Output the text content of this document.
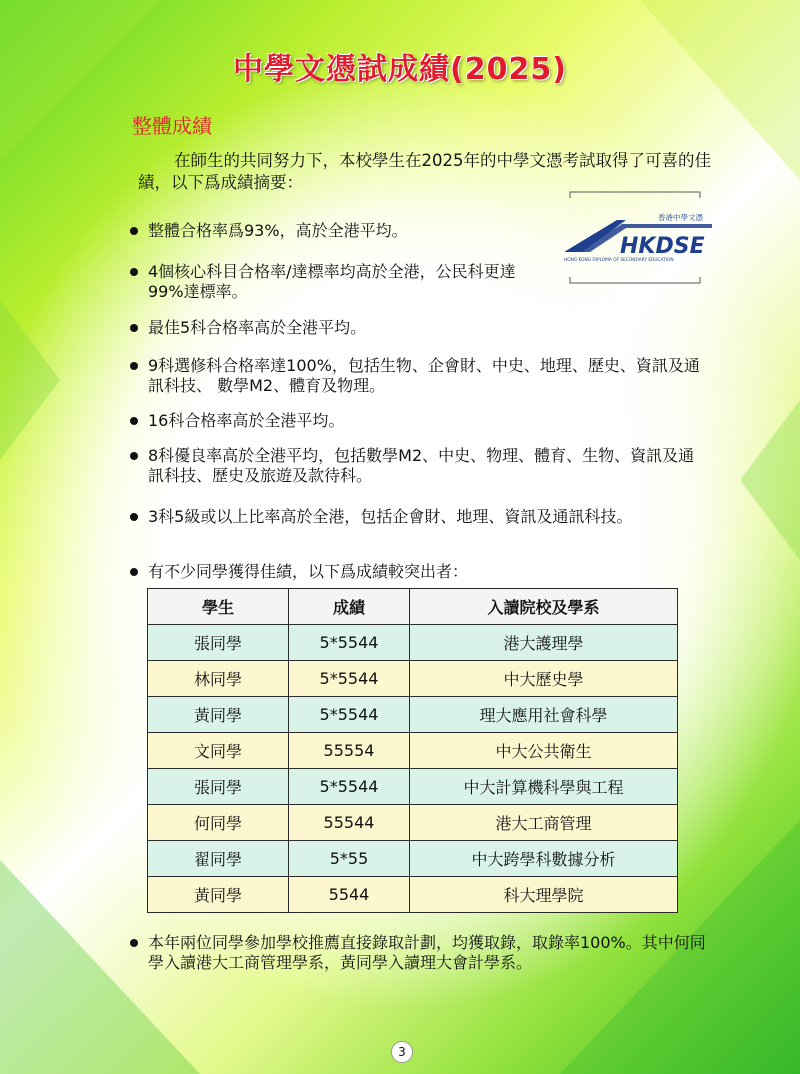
中學文憑試成績(2025)
整體成績
在師生的共同努力下，本校學生在2025年的中學文憑考試取得了可喜的佳績，以下爲成績摘要：
香港中學文憑
HKDSE
HONG KONG DIPLOMA OF SECONDARY EDUCATION
整體合格率爲93%，高於全港平均。
4個核心科目合格率/達標率均高於全港，公民科更達99%達標率。
最佳5科合格率高於全港平均。
9科選修科合格率達100%，包括生物、企會財、中史、地理、歷史、資訊及通訊科技、 數學M2、體育及物理。
16科合格率高於全港平均。
8科優良率高於全港平均，包括數學M2、中史、物理、體育、生物、資訊及通訊科技、歷史及旅遊及款待科。
3科5級或以上比率高於全港，包括企會財、地理、資訊及通訊科技。
有不少同學獲得佳績，以下爲成績較突出者：
學生	成績	入讀院校及學系
張同學	5*5544	港大護理學
林同學	5*5544	中大歷史學
黃同學	5*5544	理大應用社會科學
文同學	55554	中大公共衛生
張同學	5*5544	中大計算機科學與工程
何同學	55544	港大工商管理
翟同學	5*55	中大跨學科數據分析
黃同學	5544	科大理學院
本年兩位同學參加學校推薦直接錄取計劃，均獲取錄，取錄率100%。其中何同學入讀港大工商管理學系，黃同學入讀理大會計學系。
3
